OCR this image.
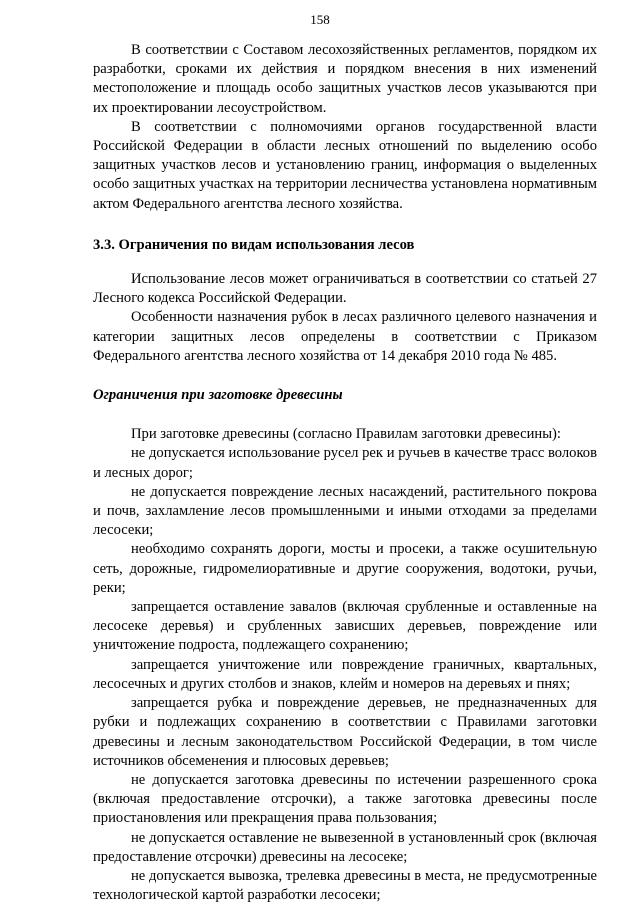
158

В соответствии с Составом лесохозяйственных регламентов, порядком их разработки, сроками их действия и порядком внесения в них изменений местоположение и площадь особо защитных участков лесов указываются при их проектировании лесоустройством.

В соответствии с полномочиями органов государственной власти Российской Федерации в области лесных отношений по выделению особо защитных участков лесов и установлению границ, информация о выделенных особо защитных участках на территории лесничества установлена нормативным актом Федерального агентства лесного хозяйства.

3.3. Ограничения по видам использования лесов

Использование лесов может ограничиваться в соответствии со статьей 27 Лесного кодекса Российской Федерации.

Особенности назначения рубок в лесах различного целевого назначения и категории защитных лесов определены в соответствии с Приказом Федерального агентства лесного хозяйства от 14 декабря 2010 года № 485.

Ограничения при заготовке древесины

При заготовке древесины (согласно Правилам заготовки древесины):

не допускается использование русел рек и ручьев в качестве трасс волоков и лесных дорог;

не допускается повреждение лесных насаждений, растительного покрова и почв, захламление лесов промышленными и иными отходами за пределами лесосеки;

необходимо сохранять дороги, мосты и просеки, а также осушительную сеть, дорожные, гидромелиоративные и другие сооружения, водотоки, ручьи, реки;

запрещается оставление завалов (включая срубленные и оставленные на лесосеке деревья) и срубленных зависших деревьев, повреждение или уничтожение подроста, подлежащего сохранению;

запрещается уничтожение или повреждение граничных, квартальных, лесосечных и других столбов и знаков, клейм и номеров на деревьях и пнях;

запрещается рубка и повреждение деревьев, не предназначенных для рубки и подлежащих сохранению в соответствии с Правилами заготовки древесины и лесным законодательством Российской Федерации, в том числе источников обсеменения и плюсовых деревьев;

не допускается заготовка древесины по истечении разрешенного срока (включая предоставление отсрочки), а также заготовка древесины после приостановления или прекращения права пользования;

не допускается оставление не вывезенной в установленный срок (включая предоставление отсрочки) древесины на лесосеке;

не допускается вывозка, трелевка древесины в места, не предусмотренные технологической картой разработки лесосеки;
